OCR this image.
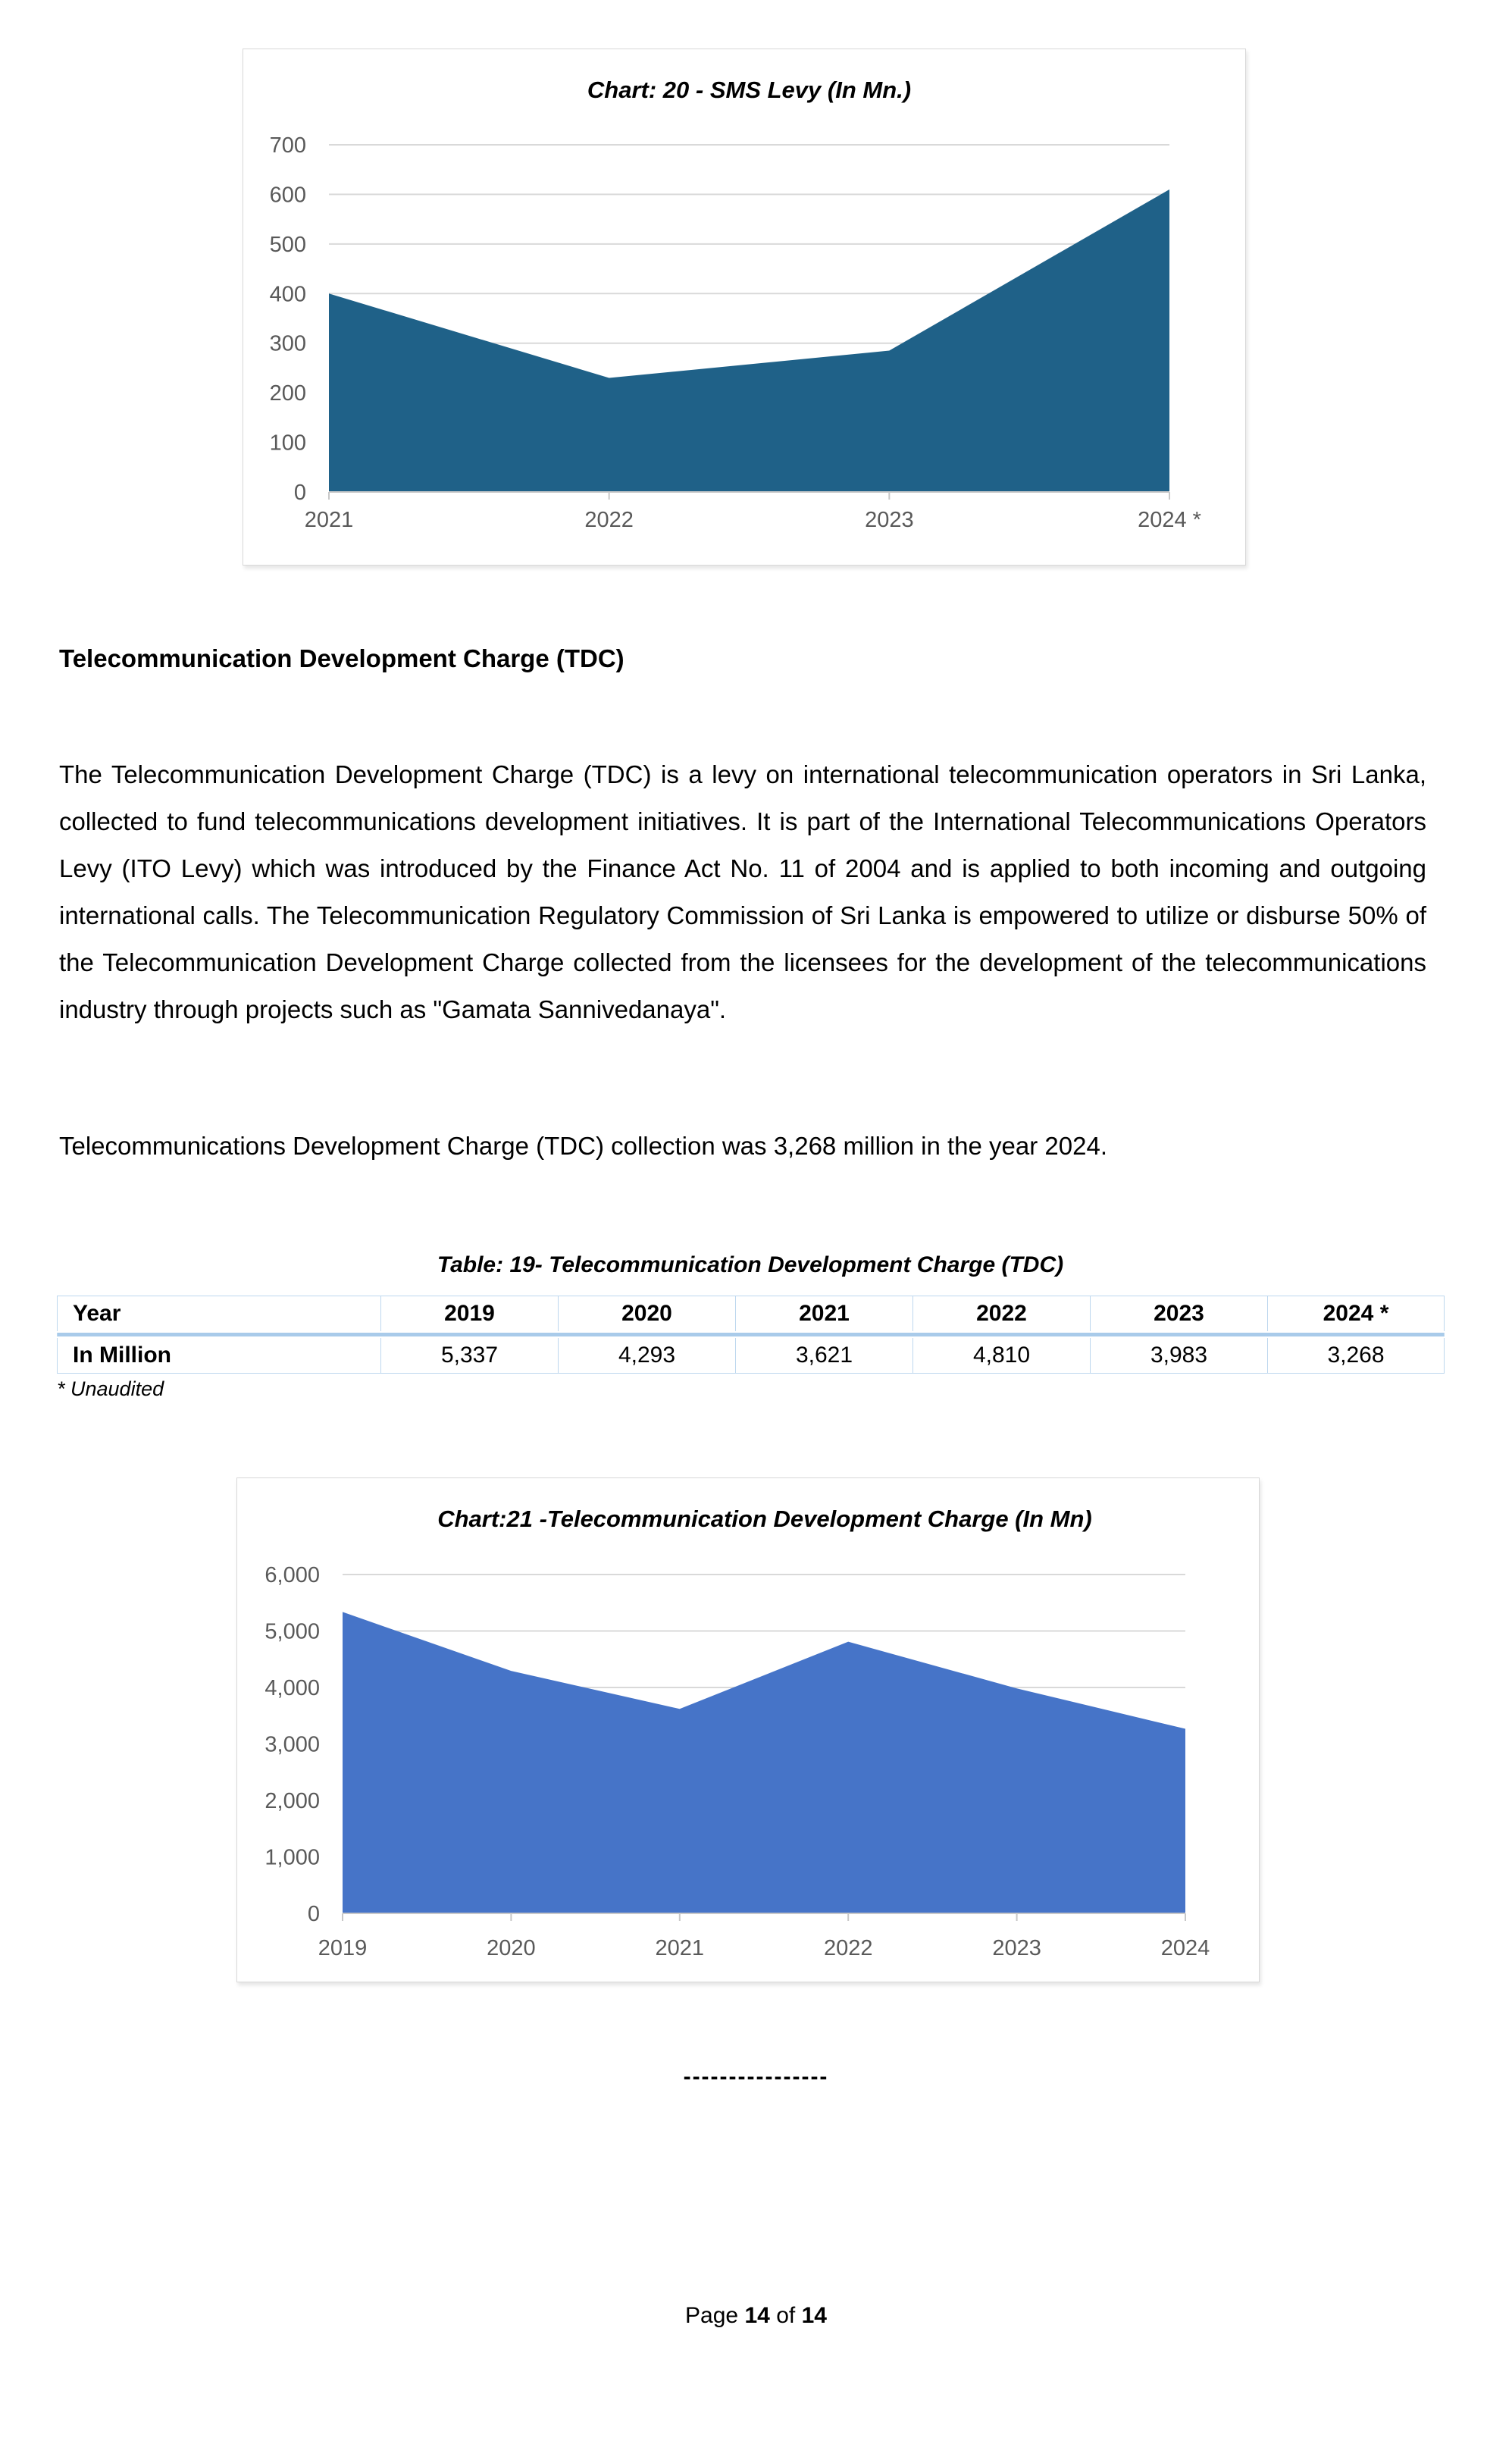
Chart: 20 - SMS Levy (In Mn.)
0
100
200
300
400
500
600
700
2021	2022	2023	2024 *
Telecommunication Development Charge (TDC)

The Telecommunication Development Charge (TDC) is a levy on international telecommunication operators in Sri Lanka, collected to fund telecommunications development initiatives. It is part of the International Telecommunications Operators Levy (ITO Levy) which was introduced by the Finance Act No. 11 of 2004 and is applied to both incoming and outgoing international calls. The Telecommunication Regulatory Commission of Sri Lanka is empowered to utilize or disburse 50% of the Telecommunication Development Charge collected from the licensees for the development of the telecommunications industry through projects such as "Gamata Sannivedanaya".

Telecommunications Development Charge (TDC) collection was 3,268 million in the year 2024.

Table: 19- Telecommunication Development Charge (TDC)
Year	2019	2020	2021	2022	2023	2024 *

In Million	5,337	4,293	3,621	4,810	3,983	3,268
* Unaudited
Chart:21 -Telecommunication Development Charge (In Mn)
0
1,000
2,000
3,000
4,000
5,000
6,000
2019	2020	2021	2022	2023	2024
----------------
Page 14 of 14
